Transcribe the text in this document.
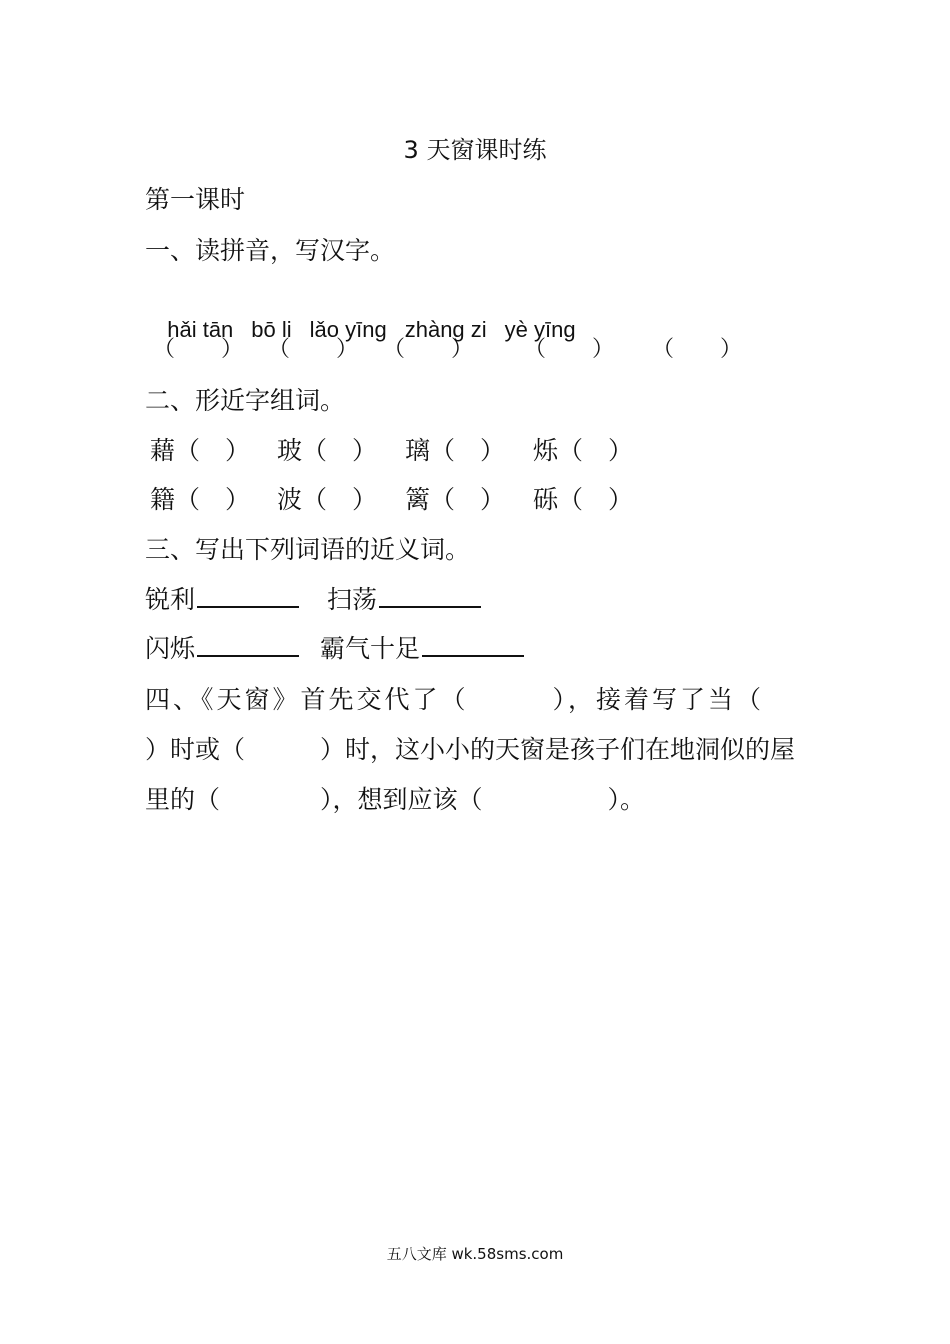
3 天窗课时练
第一课时
一、读拼音，写汉字。

hǎi tān bō li lǎo yīng zhàng zi yè yīng

（ ） （ ） （ ） （ ） （ ）
二、形近字组词。
藉（　） 玻（　） 璃（　） 烁（　）
籍（　） 波（　） 篱（　） 砾（　）
三、写出下列词语的近义词。
锐利	扫荡
闪烁	霸气十足
四、《天窗》首先交代了（　　　），接着写了当（
）时或（　　　）时，这小小的天窗是孩子们在地洞似的屋
里的（　　　　），想到应该（　　　　　）。
五八文库 wk.58sms.com
